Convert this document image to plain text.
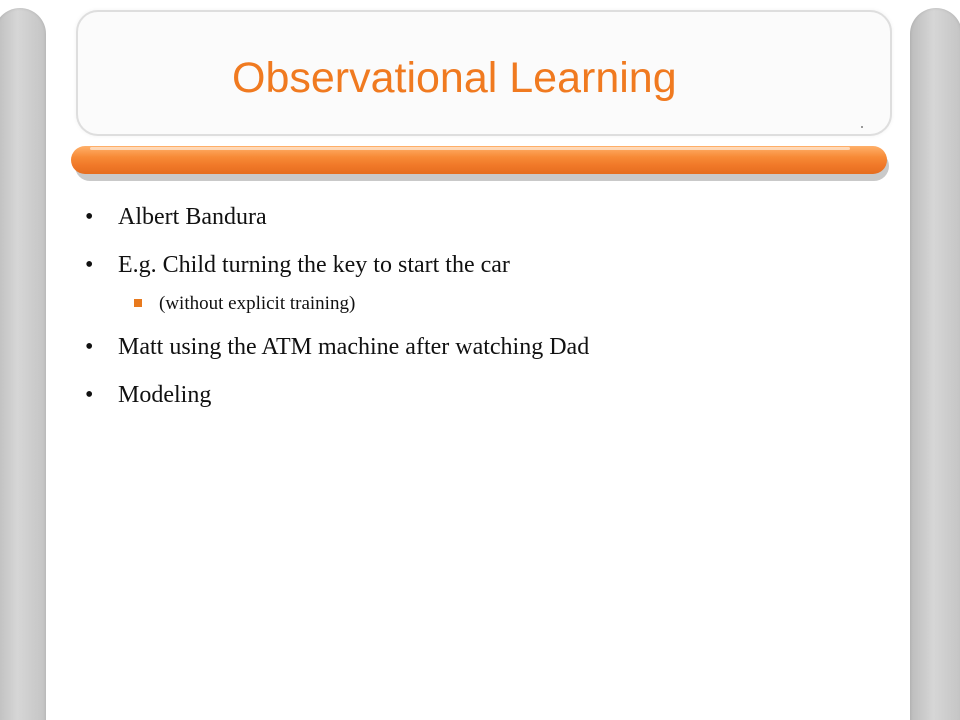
Observational Learning
• Albert Bandura
• E.g. Child turning the key to start the car
(without explicit training)
• Matt using the ATM machine after watching Dad
• Modeling
